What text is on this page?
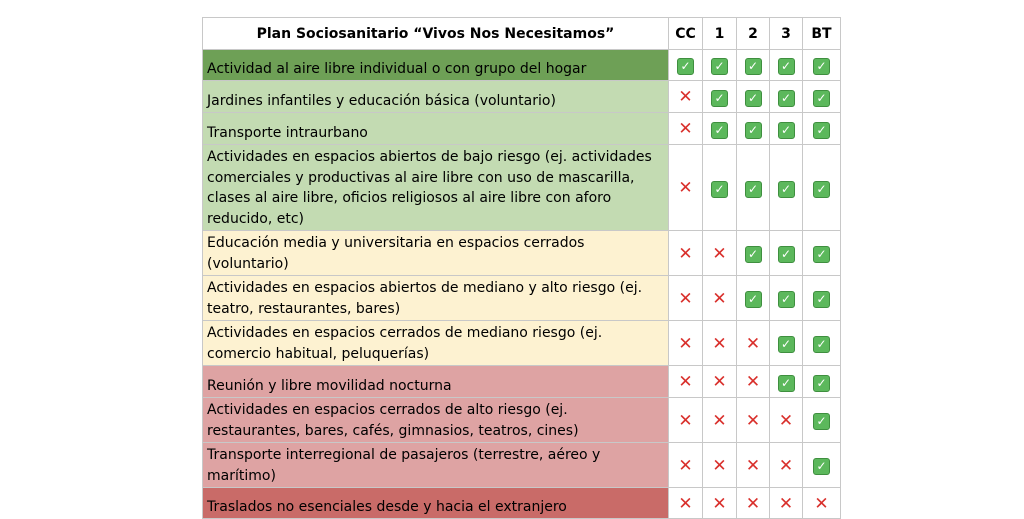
Plan Sociosanitario “Vivos Nos Necesitamos”	CC	1	2	3	BT
Actividad al aire libre individual o con grupo del hogar	✓	✓	✓	✓	✓
Jardines infantiles y educación básica (voluntario)	✕	✓	✓	✓	✓
Transporte intraurbano	✕	✓	✓	✓	✓
Actividades en espacios abiertos de bajo riesgo (ej. actividades comerciales y productivas al aire libre con uso de mascarilla, clases al aire libre, oficios religiosos al aire libre con aforo reducido, etc)	✕	✓	✓	✓	✓
Educación media y universitaria en espacios cerrados (voluntario)	✕	✕	✓	✓	✓
Actividades en espacios abiertos de mediano y alto riesgo (ej. teatro, restaurantes, bares)	✕	✕	✓	✓	✓
Actividades en espacios cerrados de mediano riesgo (ej. comercio habitual, peluquerías)	✕	✕	✕	✓	✓
Reunión y libre movilidad nocturna	✕	✕	✕	✓	✓
Actividades en espacios cerrados de alto riesgo (ej. restaurantes, bares, cafés, gimnasios, teatros, cines)	✕	✕	✕	✕	✓
Transporte interregional de pasajeros (terrestre, aéreo y marítimo)	✕	✕	✕	✕	✓
Traslados no esenciales desde y hacia el extranjero	✕	✕	✕	✕	✕
